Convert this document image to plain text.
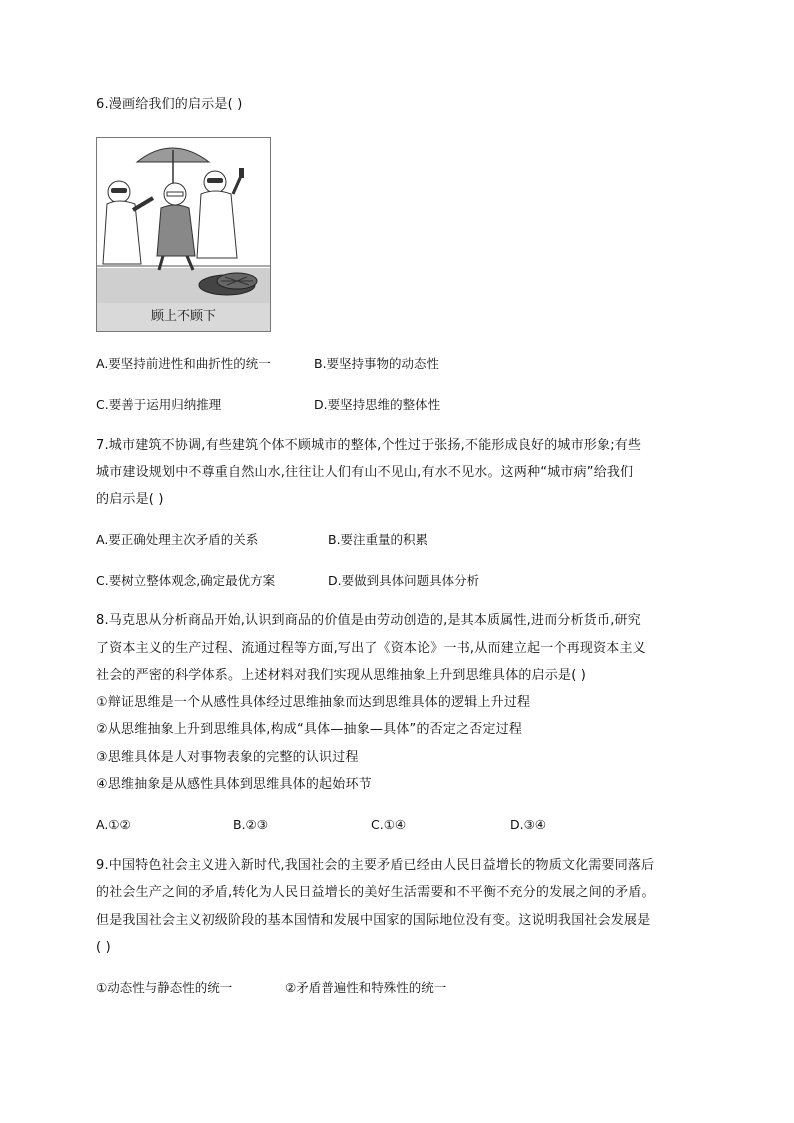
6.漫画给我们的启示是( )
顾上不顾下
A.要坚持前进性和曲折性的统一	B.要坚持事物的动态性
C.要善于运用归纳推理	D.要坚持思维的整体性
7.城市建筑不协调,有些建筑个体不顾城市的整体,个性过于张扬,不能形成良好的城市形象;有些
城市建设规划中不尊重自然山水,往往让人们有山不见山,有水不见水。这两种“城市病”给我们
的启示是( )
A.要正确处理主次矛盾的关系	B.要注重量的积累
C.要树立整体观念,确定最优方案	D.要做到具体问题具体分析
8.马克思从分析商品开始,认识到商品的价值是由劳动创造的,是其本质属性,进而分析货币,研究
了资本主义的生产过程、流通过程等方面,写出了《资本论》一书,从而建立起一个再现资本主义
社会的严密的科学体系。上述材料对我们实现从思维抽象上升到思维具体的启示是( )
①辩证思维是一个从感性具体经过思维抽象而达到思维具体的逻辑上升过程
②从思维抽象上升到思维具体,构成“具体—抽象—具体”的否定之否定过程
③思维具体是人对事物表象的完整的认识过程
④思维抽象是从感性具体到思维具体的起始环节
A.①②	B.②③	C.①④	D.③④
9.中国特色社会主义进入新时代,我国社会的主要矛盾已经由人民日益增长的物质文化需要同落后
的社会生产之间的矛盾,转化为人民日益增长的美好生活需要和不平衡不充分的发展之间的矛盾。
但是我国社会主义初级阶段的基本国情和发展中国家的国际地位没有变。这说明我国社会发展是
( )
①动态性与静态性的统一	②矛盾普遍性和特殊性的统一
